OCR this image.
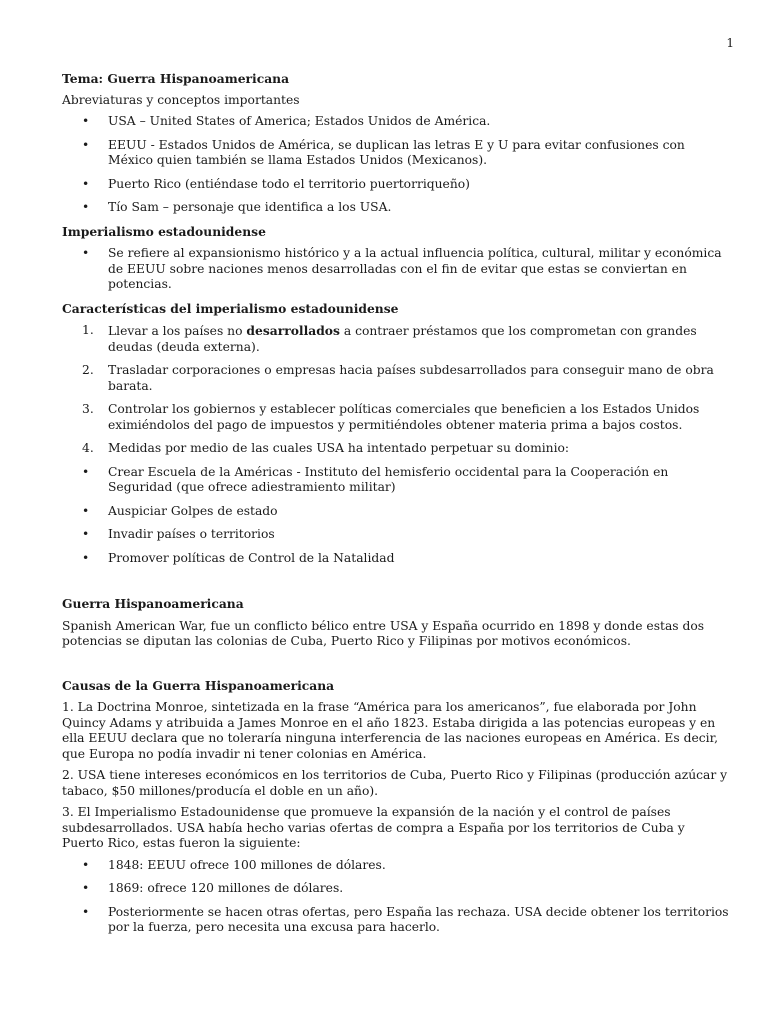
1

Tema: Guerra Hispanoamericana

Abreviaturas y conceptos importantes

• USA – United States of America; Estados Unidos de América.
• EEUU - Estados Unidos de América, se duplican las letras E y U para evitar confusiones con México quien también se llama Estados Unidos (Mexicanos).
• Puerto Rico (entiéndase todo el territorio puertorriqueño)
• Tío Sam – personaje que identifica a los USA.

Imperialismo estadounidense

• Se refiere al expansionismo histórico y a la actual influencia política, cultural, militar y económica de EEUU sobre naciones menos desarrolladas con el fin de evitar que estas se conviertan en potencias.

Características del imperialismo estadounidense

1. Llevar a los países no desarrollados a contraer préstamos que los comprometan con grandes deudas (deuda externa).
2. Trasladar corporaciones o empresas hacia países subdesarrollados para conseguir mano de obra barata.
3. Controlar los gobiernos y establecer políticas comerciales que beneficien a los Estados Unidos eximiéndolos del pago de impuestos y permitiéndoles obtener materia prima a bajos costos.
4. Medidas por medio de las cuales USA ha intentado perpetuar su dominio:
• Crear Escuela de la Américas - Instituto del hemisferio occidental para la Cooperación en Seguridad (que ofrece adiestramiento militar)
• Auspiciar Golpes de estado
• Invadir países o territorios
• Promover políticas de Control de la Natalidad

Guerra Hispanoamericana

Spanish American War, fue un conflicto bélico entre USA y España ocurrido en 1898 y donde estas dos potencias se diputan las colonias de Cuba, Puerto Rico y Filipinas por motivos económicos.

Causas de la Guerra Hispanoamericana

1. La Doctrina Monroe, sintetizada en la frase “América para los americanos”, fue elaborada por John Quincy Adams y atribuida a James Monroe en el año 1823. Estaba dirigida a las potencias europeas y en ella EEUU declara que no toleraría ninguna interferencia de las naciones europeas en América. Es decir, que Europa no podía invadir ni tener colonias en América.

2. USA tiene intereses económicos en los territorios de Cuba, Puerto Rico y Filipinas (producción azúcar y tabaco, $50 millones/producía el doble en un año).

3. El Imperialismo Estadounidense que promueve la expansión de la nación y el control de países subdesarrollados. USA había hecho varias ofertas de compra a España por los territorios de Cuba y Puerto Rico, estas fueron la siguiente:

• 1848: EEUU ofrece 100 millones de dólares.
• 1869: ofrece 120 millones de dólares.
• Posteriormente se hacen otras ofertas, pero España las rechaza. USA decide obtener los territorios por la fuerza, pero necesita una excusa para hacerlo.
